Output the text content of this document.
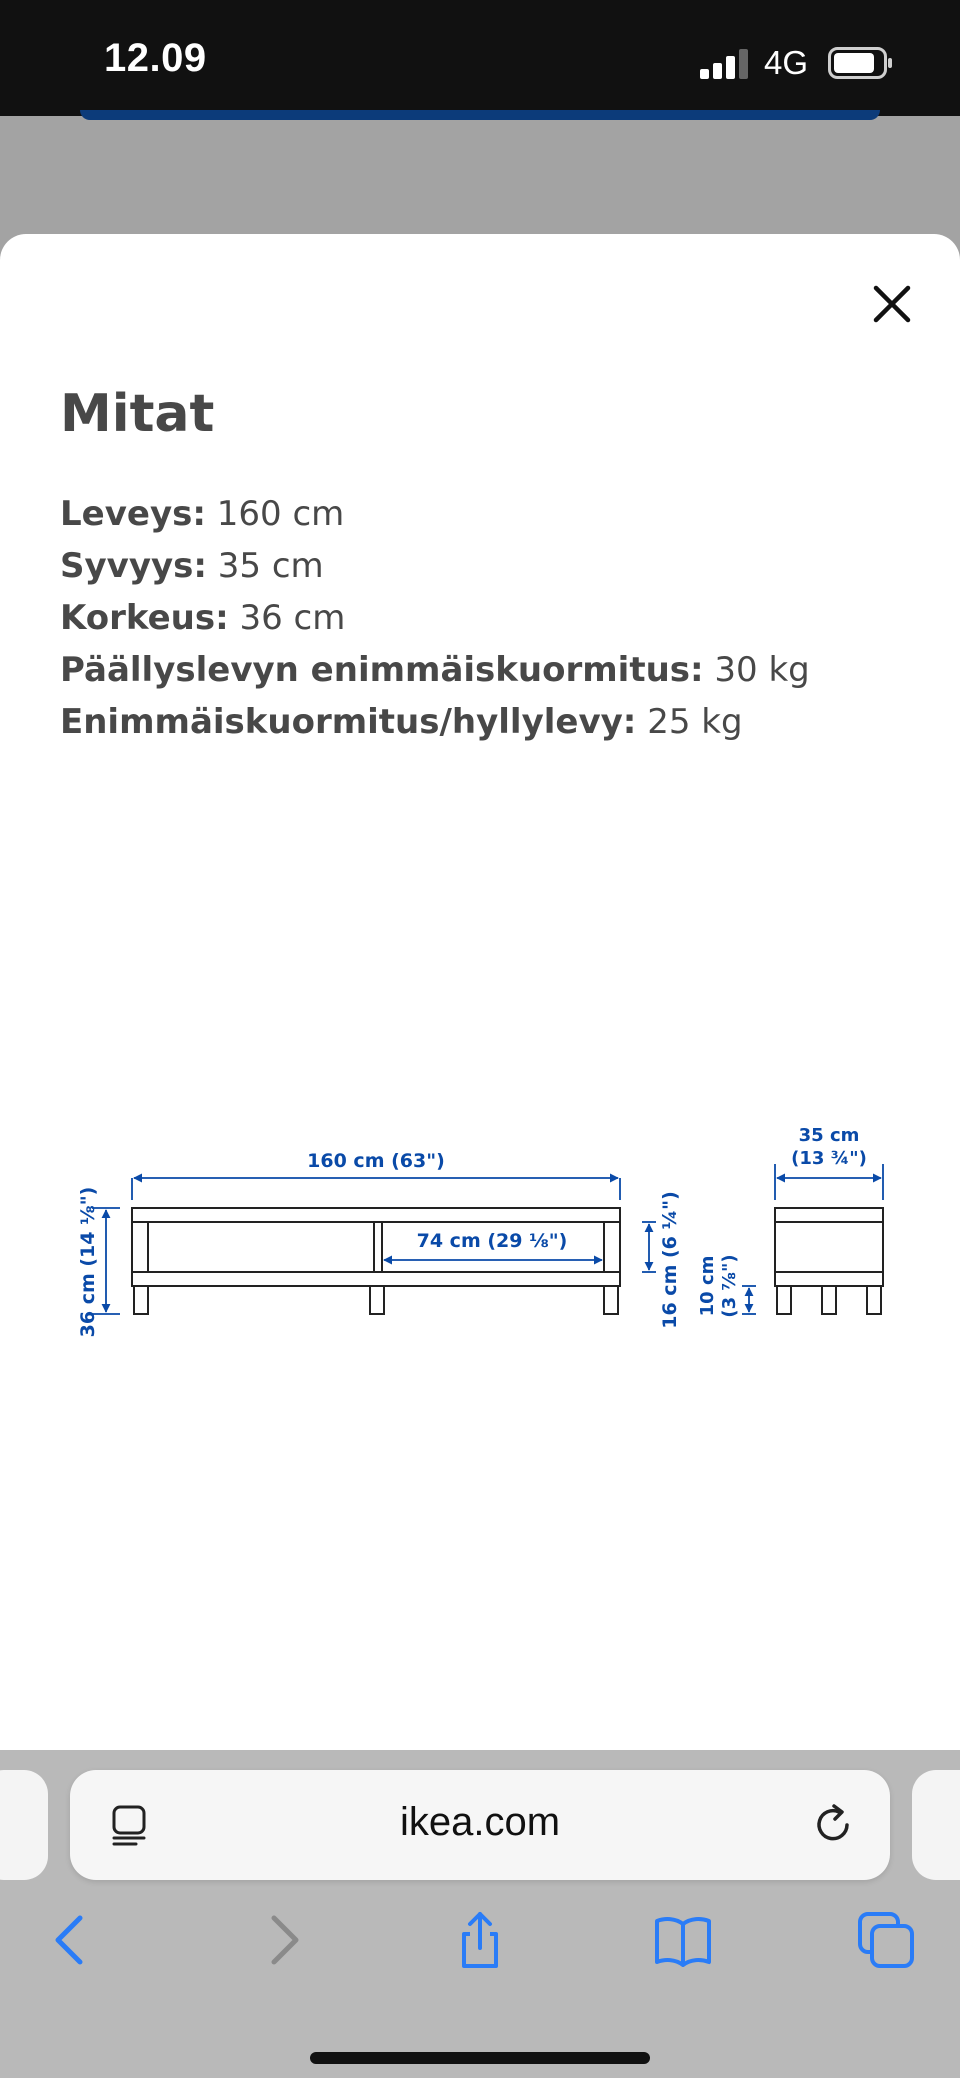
12.09	4G
Mitat
Leveys: 160 cm
Syvyys: 35 cm
Korkeus: 36 cm
Päällyslevyn enimmäiskuormitus: 30 kg
Enimmäiskuormitus/hyllylevy: 25 kg
160 cm (63")
74 cm (29 ⅛")
36 cm (14 ⅛")	16 cm (6 ¼") 10 cm (3 ⅞")
35 cm
(13 ¾")
ikea.com
